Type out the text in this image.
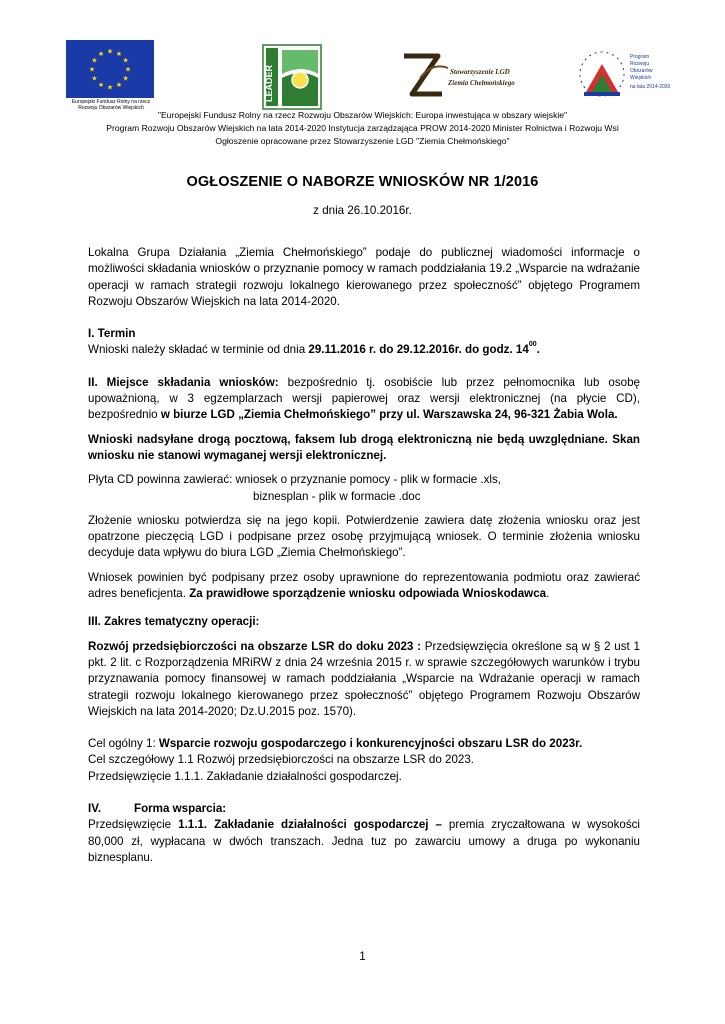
★ ★
★
★
★
★
★
★
★
★
★
★
Europejski Fundusz Rolny na rzecz
Rozwoju Obszarów Wiejskich
LEADER	Stowarzyszenie LGD
Ziemia Chełmońskiego
Program
Rozwoju
Obszarów
Wiejskich
na lata 2014-2020
"Europejski Fundusz Rolny na rzecz Rozwoju Obszarów Wiejskich: Europa inwestująca w obszary wiejskie"
Program Rozwoju Obszarów Wiejskich na lata 2014-2020 Instytucja zarządzająca PROW 2014-2020 Minister Rolnictwa i Rozwoju Wsi
Ogłoszenie opracowane przez Stowarzyszenie LGD "Ziemia Chełmońskiego"
OGŁOSZENIE O NABORZE WNIOSKÓW NR 1/2016
z dnia 26.10.2016r.

Lokalna Grupa Działania „Ziemia Chełmońskiego” podaje do publicznej wiadomości informacje o możliwości składania wniosków o przyznanie pomocy w ramach poddziałania 19.2 „Wsparcie na wdrażanie operacji w ramach strategii rozwoju lokalnego kierowanego przez społeczność” objętego Programem Rozwoju Obszarów Wiejskich na lata 2014-2020.

I. Termin

Wnioski należy składać w terminie od dnia 29.11.2016 r. do 29.12.2016r. do godz. $14^{00}$.

II. Miejsce składania wniosków: bezpośrednio tj. osobiście lub przez pełnomocnika lub osobę upoważnioną, w 3 egzemplarzach wersji papierowej oraz wersji elektronicznej (na płycie CD), bezpośrednio w biurze LGD „Ziemia Chełmońskiego” przy ul. Warszawska 24, 96-321 Żabia Wola.

Wnioski nadsyłane drogą pocztową, faksem lub drogą elektroniczną nie będą uwzględniane. Skan wniosku nie stanowi wymaganej wersji elektronicznej.

Płyta CD powinna zawierać: wniosek o przyznanie pomocy - plik w formacie .xls,

biznesplan - plik w formacie .doc

Złożenie wniosku potwierdza się na jego kopii. Potwierdzenie zawiera datę złożenia wniosku oraz jest opatrzone pieczęcią LGD i podpisane przez osobę przyjmującą wniosek. O terminie złożenia wniosku decyduje data wpływu do biura LGD „Ziemia Chełmońskiego”.

Wniosek powinien być podpisany przez osoby uprawnione do reprezentowania podmiotu oraz zawierać adres beneficjenta. Za prawidłowe sporządzenie wniosku odpowiada Wnioskodawca.

III. Zakres tematyczny operacji:

Rozwój przedsiębiorczości na obszarze LSR do doku 2023 : Przedsięwzięcia określone są w § 2 ust 1 pkt. 2 lit. c Rozporządzenia MRiRW z dnia 24 września 2015 r. w sprawie szczegółowych warunków i trybu przyznawania pomocy finansowej w ramach poddziałania „Wsparcie na Wdrażanie operacji w ramach strategii rozwoju lokalnego kierowanego przez społeczność” objętego Programem Rozwoju Obszarów Wiejskich na lata 2014-2020; Dz.U.2015 poz. 1570).

Cel ogólny 1: Wsparcie rozwoju gospodarczego i konkurencyjności obszaru LSR do 2023r.

Cel szczegółowy 1.1 Rozwój przedsiębiorczości na obszarze LSR do 2023.

Przedsięwzięcie 1.1.1. Zakładanie działalności gospodarczej.

IV.	Forma wsparcia:

Przedsięwzięcie 1.1.1. Zakładanie działalności gospodarczej – premia zryczałtowana w wysokości 80,000 zł, wypłacana w dwóch transzach. Jedna tuz po zawarciu umowy a druga po wykonaniu biznesplanu.

1
